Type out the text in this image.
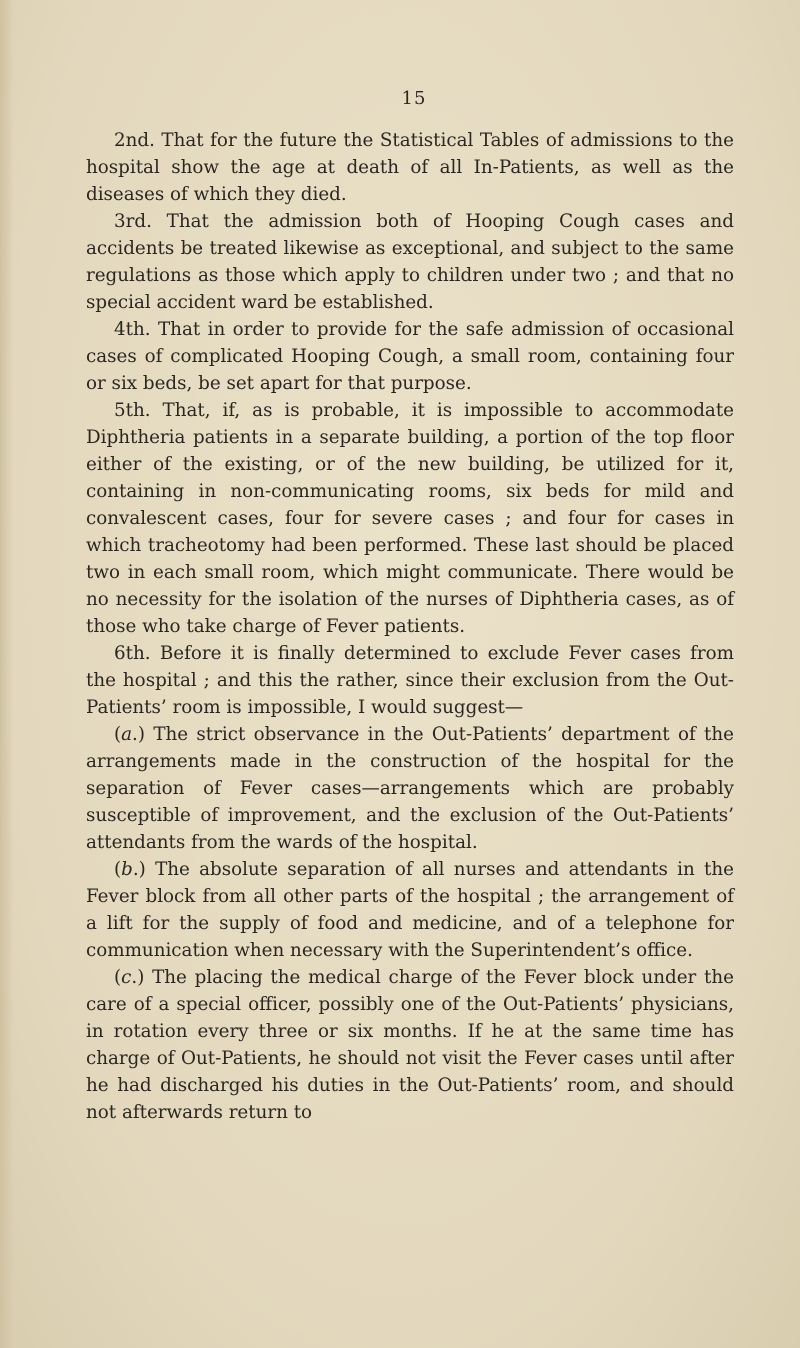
15

2nd. That for the future the Statistical Tables of admissions to the hospital show the age at death of all In-Patients, as well as the diseases of which they died.

3rd. That the admission both of Hooping Cough cases and accidents be treated likewise as exceptional, and subject to the same regulations as those which apply to children under two ; and that no special accident ward be established.

4th. That in order to provide for the safe admission of occasional cases of complicated Hooping Cough, a small room, containing four or six beds, be set apart for that purpose.

5th. That, if, as is probable, it is impossible to accommodate Diphtheria patients in a separate building, a portion of the top floor either of the existing, or of the new building, be utilized for it, containing in non-communicating rooms, six beds for mild and convalescent cases, four for severe cases ; and four for cases in which tracheotomy had been performed. These last should be placed two in each small room, which might communicate. There would be no necessity for the isolation of the nurses of Diphtheria cases, as of those who take charge of Fever patients.

6th. Before it is finally determined to exclude Fever cases from the hospital ; and this the rather, since their exclusion from the Out-Patients’ room is impossible, I would suggest—

(a.) The strict observance in the Out-Patients’ department of the arrangements made in the construction of the hospital for the separation of Fever cases—arrangements which are probably susceptible of improvement, and the exclusion of the Out-Patients’ attendants from the wards of the hospital.

(b.) The absolute separation of all nurses and attendants in the Fever block from all other parts of the hospital ; the arrangement of a lift for the supply of food and medicine, and of a telephone for communication when necessary with the Superintendent’s office.

(c.) The placing the medical charge of the Fever block under the care of a special officer, possibly one of the Out-Patients’ physicians, in rotation every three or six months. If he at the same time has charge of Out-Patients, he should not visit the Fever cases until after he had discharged his duties in the Out-Patients’ room, and should not afterwards return to
